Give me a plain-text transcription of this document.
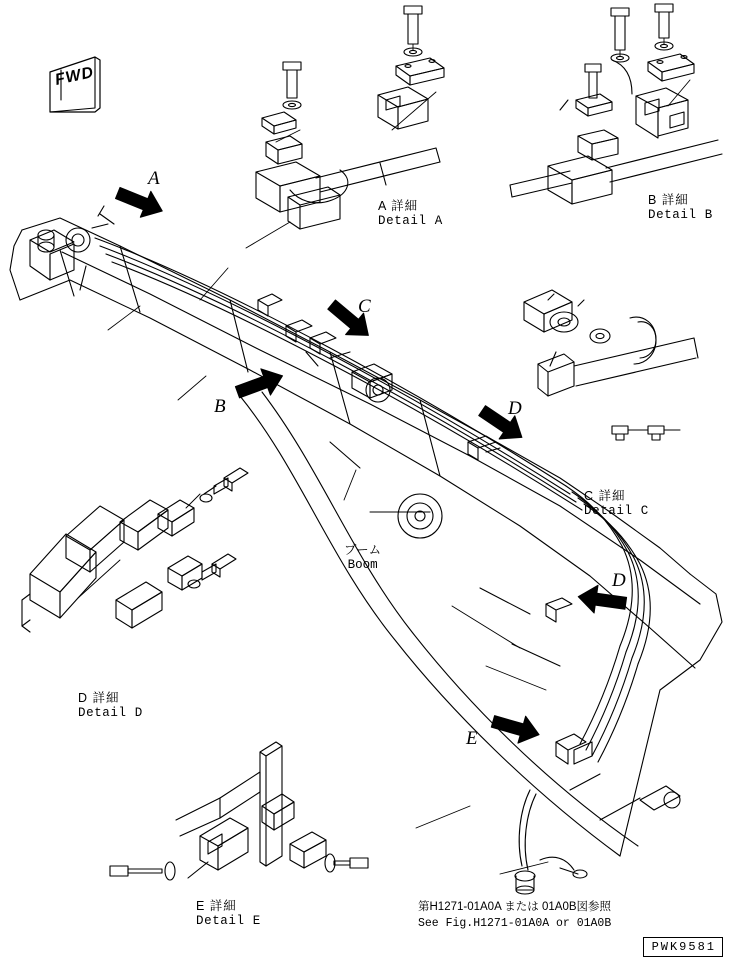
FWD
A
B
C
D
D
E
A 詳細
Detail A
B 詳細
Detail B
C 詳細
Detail C
D 詳細
Detail D
E 詳細
Detail E
ブーム
Boom
第H1271-01A0A または 01A0B図参照
See Fig.H1271-01A0A or 01A0B
PWK9581
